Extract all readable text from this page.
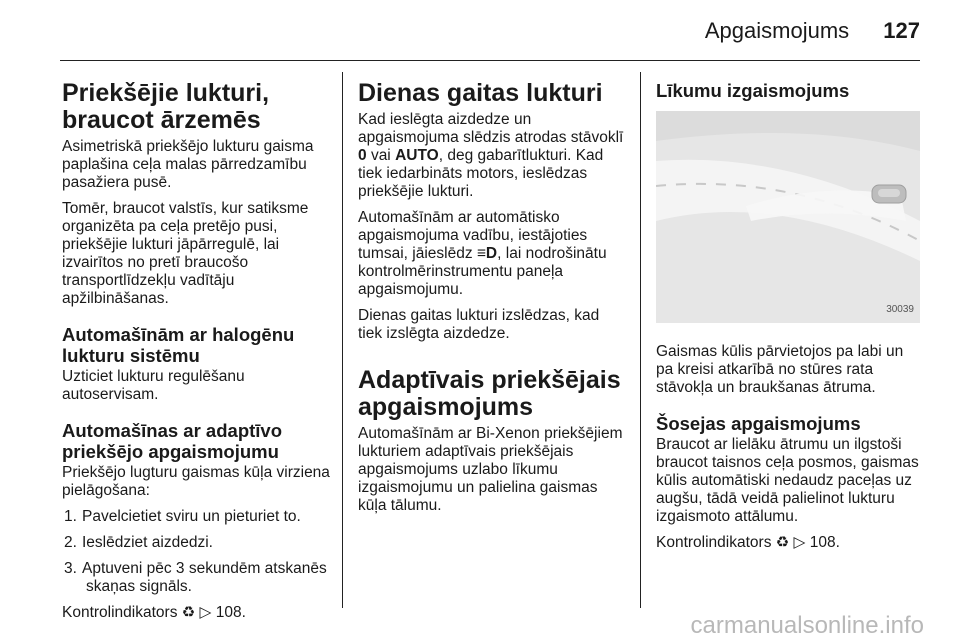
Apgaismojums 127
Priekšējie lukturi, braucot ārzemēs

Asimetriskā priekšējo lukturu gaisma paplašina ceļa malas pārredzamību pasažiera pusē.

Tomēr, braucot valstīs, kur satiksme organizēta pa ceļa pretējo pusi, priekšējie lukturi jāpārregulē, lai izvairītos no pretī braucošo transportlīdzekļu vadītāju apžilbināšanas.

Automašīnām ar halogēnu lukturu sistēmu

Uzticiet lukturu regulēšanu autoservisam.

Automašīnas ar adaptīvo priekšējo apgaismojumu

Priekšējo lugturu gaismas kūļa virziena pielāgošana:

1. Pavelcietiet sviru un pieturiet to.
2. Ieslēdziet aizdedzi.
3. Aptuveni pēc 3 sekundēm atskanēs skaņas signāls.

Kontrolindikators ♻ ▷ 108.

Dienas gaitas lukturi

Kad ieslēgta aizdedze un apgaismojuma slēdzis atrodas stāvoklī 0 vai AUTO, deg gabarītlukturi. Kad tiek iedarbināts motors, ieslēdzas priekšējie lukturi.

Automašīnām ar automātisko apgaismojuma vadību, iestājoties tumsai, jāieslēdz ≡D, lai nodrošinātu kontrolmērinstrumentu paneļa apgaismojumu.

Dienas gaitas lukturi izslēdzas, kad tiek izslēgta aizdedze.

Adaptīvais priekšējais apgaismojums

Automašīnām ar Bi-Xenon priekšējiem lukturiem adaptīvais priekšējais apgaismojums uzlabo līkumu izgaismojumu un palielina gaismas kūļa tālumu.

Līkumu izgaismojums
30039

Gaismas kūlis pārvietojos pa labi un pa kreisi atkarībā no stūres rata stāvokļa un braukšanas ātruma.

Šosejas apgaismojums

Braucot ar lielāku ātrumu un ilgstoši braucot taisnos ceļa posmos, gaismas kūlis automātiski nedaudz paceļas uz augšu, tādā veidā palielinot lukturu izgaismoto attālumu.

Kontrolindikators ♻ ▷ 108.

carmanualsonline.info
